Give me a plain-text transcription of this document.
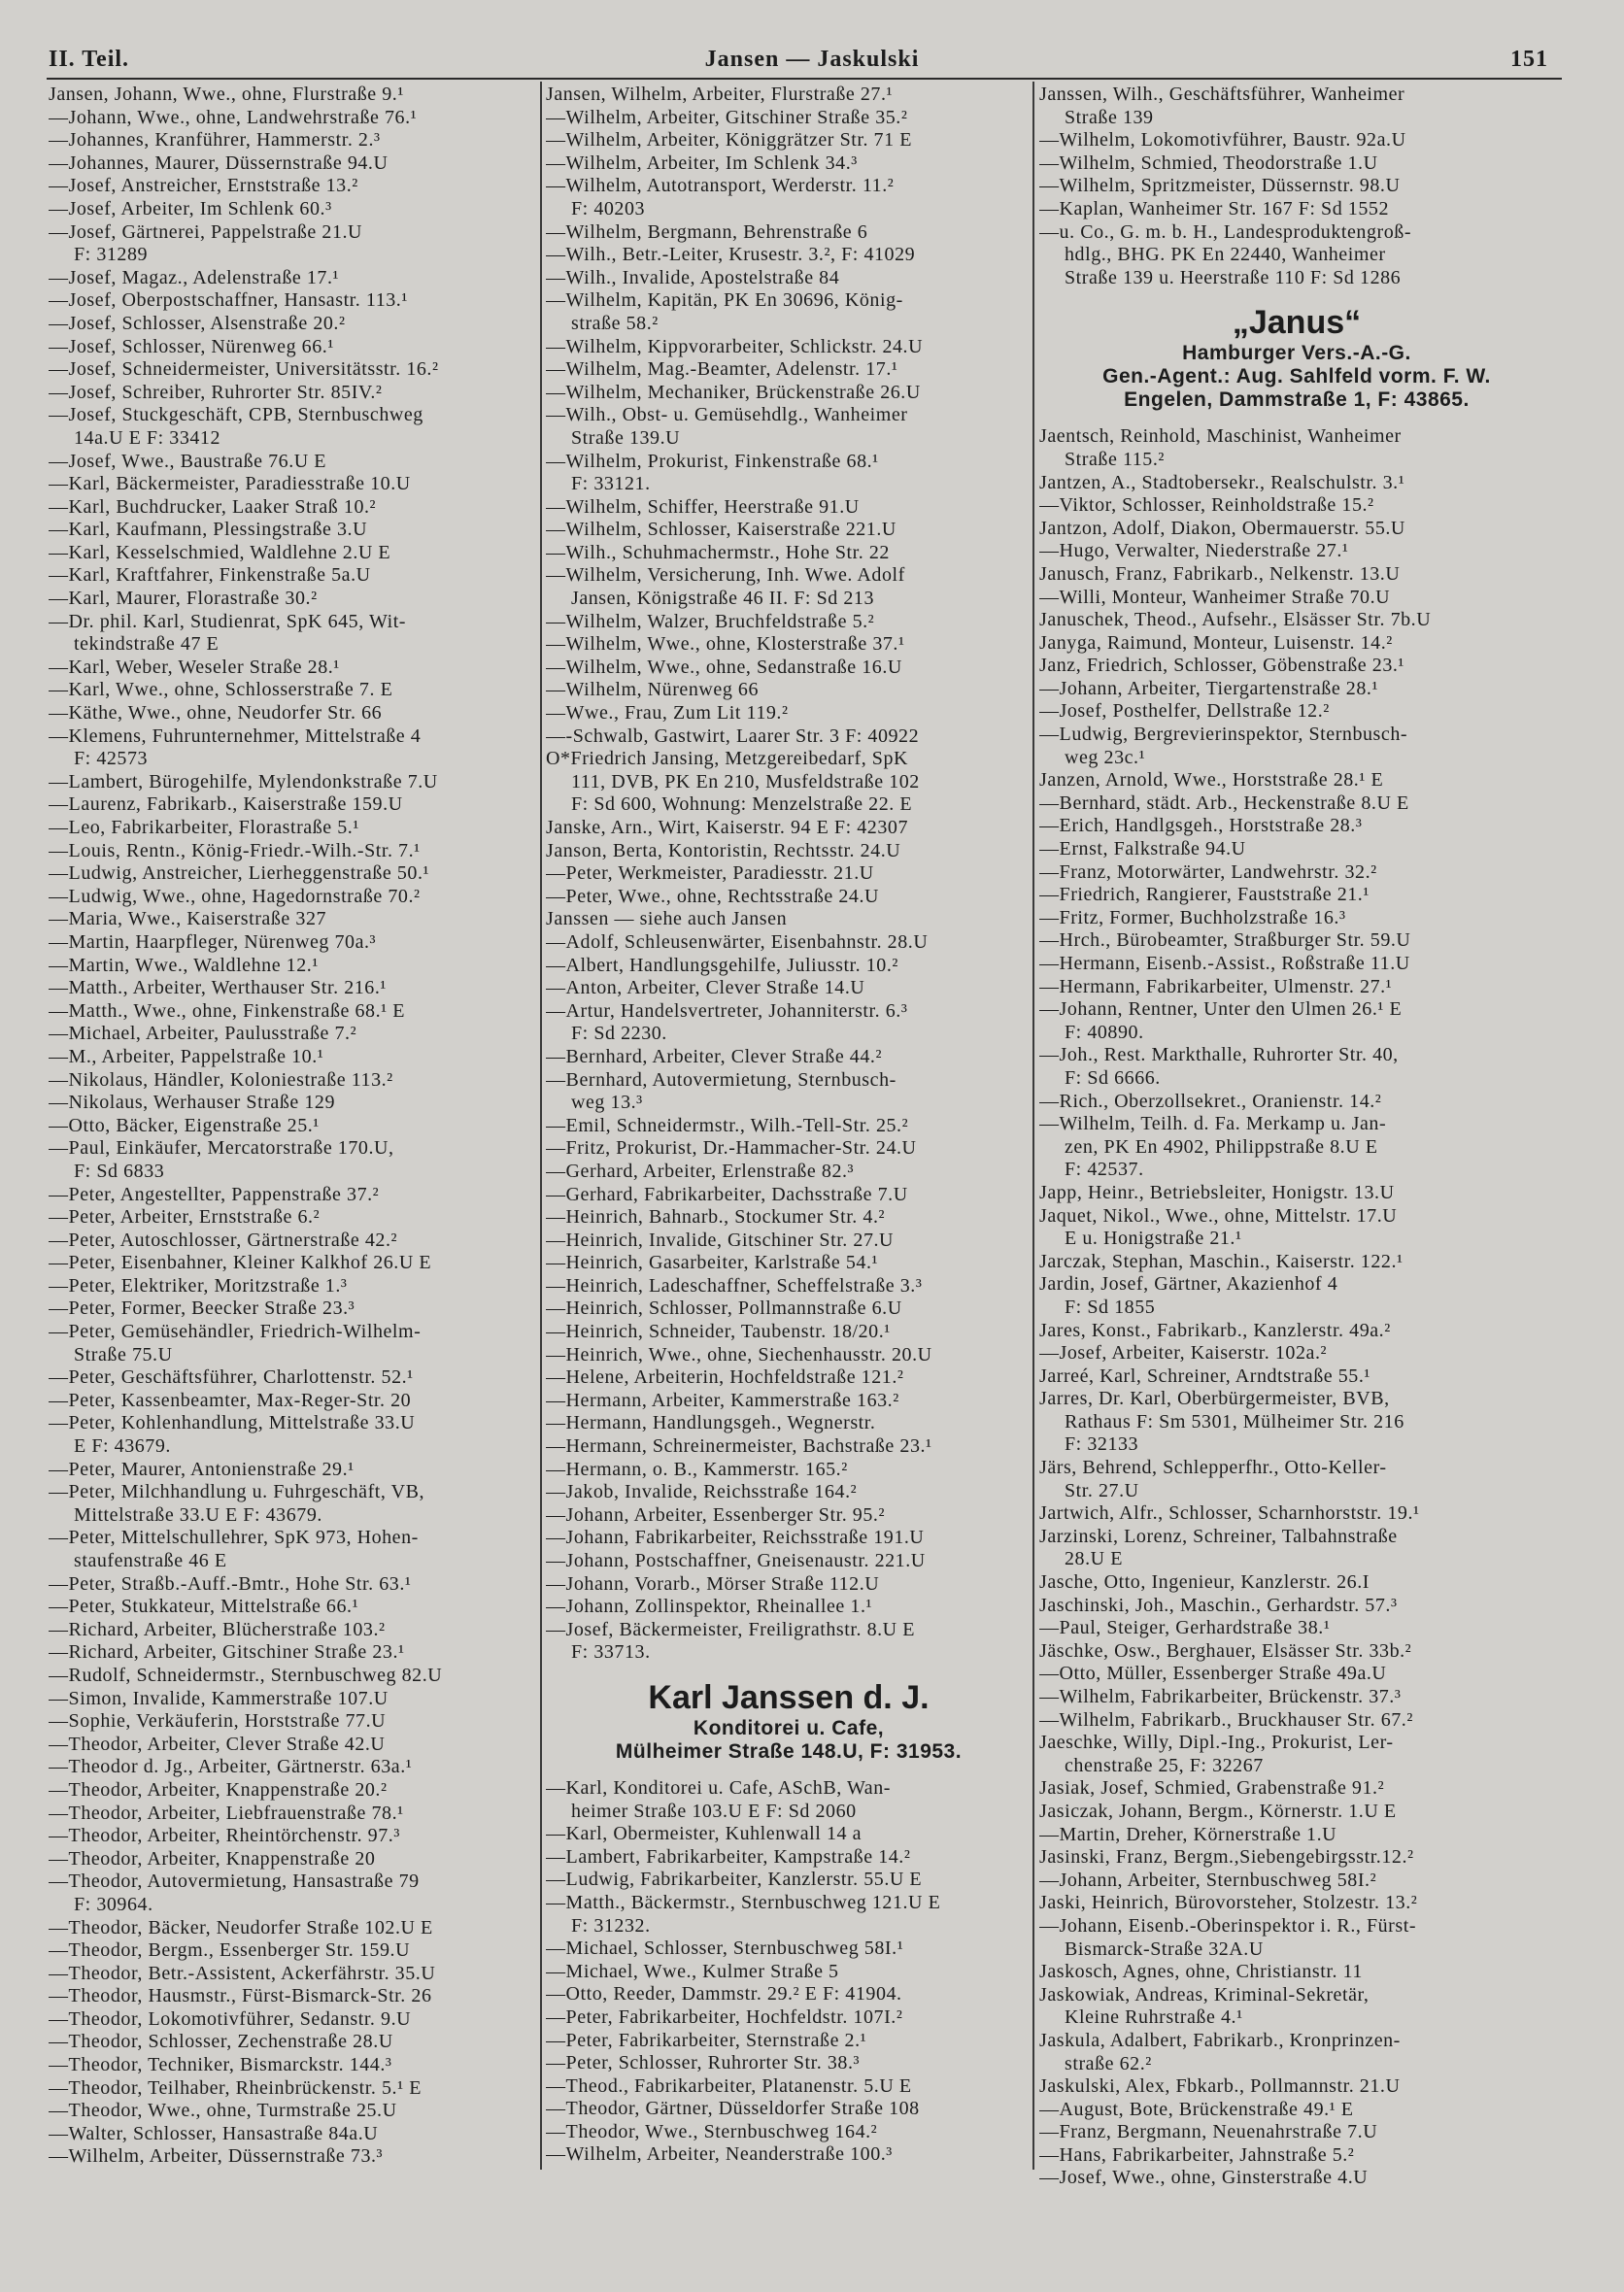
II. Teil.	Jansen — Jaskulski	151
Jansen, Johann, Wwe., ohne, Flurstraße 9.¹
—Johann, Wwe., ohne, Landwehrstraße 76.¹
—Johannes, Kranführer, Hammerstr. 2.³
—Johannes, Maurer, Düssernstraße 94.U
—Josef, Anstreicher, Ernststraße 13.²
—Josef, Arbeiter, Im Schlenk 60.³
—Josef, Gärtnerei, Pappelstraße 21.U
F: 31289
—Josef, Magaz., Adelenstraße 17.¹
—Josef, Oberpostschaffner, Hansastr. 113.¹
—Josef, Schlosser, Alsenstraße 20.²
—Josef, Schlosser, Nürenweg 66.¹
—Josef, Schneidermeister, Universitätsstr. 16.²
—Josef, Schreiber, Ruhrorter Str. 85IV.²
—Josef, Stuckgeschäft, CPB, Sternbuschweg
14a.U E F: 33412
—Josef, Wwe., Baustraße 76.U E
—Karl, Bäckermeister, Paradiesstraße 10.U
—Karl, Buchdrucker, Laaker Straß 10.²
—Karl, Kaufmann, Plessingstraße 3.U
—Karl, Kesselschmied, Waldlehne 2.U E
—Karl, Kraftfahrer, Finkenstraße 5a.U
—Karl, Maurer, Florastraße 30.²
—Dr. phil. Karl, Studienrat, SpK 645, Wit-
tekindstraße 47 E
—Karl, Weber, Weseler Straße 28.¹
—Karl, Wwe., ohne, Schlosserstraße 7. E
—Käthe, Wwe., ohne, Neudorfer Str. 66
—Klemens, Fuhrunternehmer, Mittelstraße 4
F: 42573
—Lambert, Bürogehilfe, Mylendonkstraße 7.U
—Laurenz, Fabrikarb., Kaiserstraße 159.U
—Leo, Fabrikarbeiter, Florastraße 5.¹
—Louis, Rentn., König-Friedr.-Wilh.-Str. 7.¹
—Ludwig, Anstreicher, Lierheggenstraße 50.¹
—Ludwig, Wwe., ohne, Hagedornstraße 70.²
—Maria, Wwe., Kaiserstraße 327
—Martin, Haarpfleger, Nürenweg 70a.³
—Martin, Wwe., Waldlehne 12.¹
—Matth., Arbeiter, Werthauser Str. 216.¹
—Matth., Wwe., ohne, Finkenstraße 68.¹ E
—Michael, Arbeiter, Paulusstraße 7.²
—M., Arbeiter, Pappelstraße 10.¹
—Nikolaus, Händler, Koloniestraße 113.²
—Nikolaus, Werhauser Straße 129
—Otto, Bäcker, Eigenstraße 25.¹
—Paul, Einkäufer, Mercatorstraße 170.U,
F: Sd 6833
—Peter, Angestellter, Pappenstraße 37.²
—Peter, Arbeiter, Ernststraße 6.²
—Peter, Autoschlosser, Gärtnerstraße 42.²
—Peter, Eisenbahner, Kleiner Kalkhof 26.U E
—Peter, Elektriker, Moritzstraße 1.³
—Peter, Former, Beecker Straße 23.³
—Peter, Gemüsehändler, Friedrich-Wilhelm-
Straße 75.U
—Peter, Geschäftsführer, Charlottenstr. 52.¹
—Peter, Kassenbeamter, Max-Reger-Str. 20
—Peter, Kohlenhandlung, Mittelstraße 33.U
E F: 43679.
—Peter, Maurer, Antonienstraße 29.¹
—Peter, Milchhandlung u. Fuhrgeschäft, VB,
Mittelstraße 33.U E F: 43679.
—Peter, Mittelschullehrer, SpK 973, Hohen-
staufenstraße 46 E
—Peter, Straßb.-Auff.-Bmtr., Hohe Str. 63.¹
—Peter, Stukkateur, Mittelstraße 66.¹
—Richard, Arbeiter, Blücherstraße 103.²
—Richard, Arbeiter, Gitschiner Straße 23.¹
—Rudolf, Schneidermstr., Sternbuschweg 82.U
—Simon, Invalide, Kammerstraße 107.U
—Sophie, Verkäuferin, Horststraße 77.U
—Theodor, Arbeiter, Clever Straße 42.U
—Theodor d. Jg., Arbeiter, Gärtnerstr. 63a.¹
—Theodor, Arbeiter, Knappenstraße 20.²
—Theodor, Arbeiter, Liebfrauenstraße 78.¹
—Theodor, Arbeiter, Rheintörchenstr. 97.³
—Theodor, Arbeiter, Knappenstraße 20
—Theodor, Autovermietung, Hansastraße 79
F: 30964.
—Theodor, Bäcker, Neudorfer Straße 102.U E
—Theodor, Bergm., Essenberger Str. 159.U
—Theodor, Betr.-Assistent, Ackerfährstr. 35.U
—Theodor, Hausmstr., Fürst-Bismarck-Str. 26
—Theodor, Lokomotivführer, Sedanstr. 9.U
—Theodor, Schlosser, Zechenstraße 28.U
—Theodor, Techniker, Bismarckstr. 144.³
—Theodor, Teilhaber, Rheinbrückenstr. 5.¹ E
—Theodor, Wwe., ohne, Turmstraße 25.U
—Walter, Schlosser, Hansastraße 84a.U
—Wilhelm, Arbeiter, Düssernstraße 73.³
Jansen, Wilhelm, Arbeiter, Flurstraße 27.¹
—Wilhelm, Arbeiter, Gitschiner Straße 35.²
—Wilhelm, Arbeiter, Königgrätzer Str. 71 E
—Wilhelm, Arbeiter, Im Schlenk 34.³
—Wilhelm, Autotransport, Werderstr. 11.²
F: 40203
—Wilhelm, Bergmann, Behrenstraße 6
—Wilh., Betr.-Leiter, Krusestr. 3.², F: 41029
—Wilh., Invalide, Apostelstraße 84
—Wilhelm, Kapitän, PK En 30696, König-
straße 58.²
—Wilhelm, Kippvorarbeiter, Schlickstr. 24.U
—Wilhelm, Mag.-Beamter, Adelenstr. 17.¹
—Wilhelm, Mechaniker, Brückenstraße 26.U
—Wilh., Obst- u. Gemüsehdlg., Wanheimer
Straße 139.U
—Wilhelm, Prokurist, Finkenstraße 68.¹
F: 33121.
—Wilhelm, Schiffer, Heerstraße 91.U
—Wilhelm, Schlosser, Kaiserstraße 221.U
—Wilh., Schuhmachermstr., Hohe Str. 22
—Wilhelm, Versicherung, Inh. Wwe. Adolf
Jansen, Königstraße 46 II. F: Sd 213
—Wilhelm, Walzer, Bruchfeldstraße 5.²
—Wilhelm, Wwe., ohne, Klosterstraße 37.¹
—Wilhelm, Wwe., ohne, Sedanstraße 16.U
—Wilhelm, Nürenweg 66
—Wwe., Frau, Zum Lit 119.²
—-Schwalb, Gastwirt, Laarer Str. 3 F: 40922
O*Friedrich Jansing, Metzgereibedarf, SpK
111, DVB, PK En 210, Musfeldstraße 102
F: Sd 600, Wohnung: Menzelstraße 22. E
Janske, Arn., Wirt, Kaiserstr. 94 E F: 42307
Janson, Berta, Kontoristin, Rechtsstr. 24.U
—Peter, Werkmeister, Paradiesstr. 21.U
—Peter, Wwe., ohne, Rechtsstraße 24.U
Janssen — siehe auch Jansen
—Adolf, Schleusenwärter, Eisenbahnstr. 28.U
—Albert, Handlungsgehilfe, Juliusstr. 10.²
—Anton, Arbeiter, Clever Straße 14.U
—Artur, Handelsvertreter, Johanniterstr. 6.³
F: Sd 2230.
—Bernhard, Arbeiter, Clever Straße 44.²
—Bernhard, Autovermietung, Sternbusch-
weg 13.³
—Emil, Schneidermstr., Wilh.-Tell-Str. 25.²
—Fritz, Prokurist, Dr.-Hammacher-Str. 24.U
—Gerhard, Arbeiter, Erlenstraße 82.³
—Gerhard, Fabrikarbeiter, Dachsstraße 7.U
—Heinrich, Bahnarb., Stockumer Str. 4.²
—Heinrich, Invalide, Gitschiner Str. 27.U
—Heinrich, Gasarbeiter, Karlstraße 54.¹
—Heinrich, Ladeschaffner, Scheffelstraße 3.³
—Heinrich, Schlosser, Pollmannstraße 6.U
—Heinrich, Schneider, Taubenstr. 18/20.¹
—Heinrich, Wwe., ohne, Siechenhausstr. 20.U
—Helene, Arbeiterin, Hochfeldstraße 121.²
—Hermann, Arbeiter, Kammerstraße 163.²
—Hermann, Handlungsgeh., Wegnerstr.
—Hermann, Schreinermeister, Bachstraße 23.¹
—Hermann, o. B., Kammerstr. 165.²
—Jakob, Invalide, Reichsstraße 164.²
—Johann, Arbeiter, Essenberger Str. 95.²
—Johann, Fabrikarbeiter, Reichsstraße 191.U
—Johann, Postschaffner, Gneisenaustr. 221.U
—Johann, Vorarb., Mörser Straße 112.U
—Johann, Zollinspektor, Rheinallee 1.¹
—Josef, Bäckermeister, Freiligrathstr. 8.U E
F: 33713.
Karl Janssen d. J.
Konditorei u. Cafe,
Mülheimer Straße 148.U, F: 31953.
—Karl, Konditorei u. Cafe, ASchB, Wan-
heimer Straße 103.U E F: Sd 2060
—Karl, Obermeister, Kuhlenwall 14 a
—Lambert, Fabrikarbeiter, Kampstraße 14.²
—Ludwig, Fabrikarbeiter, Kanzlerstr. 55.U E
—Matth., Bäckermstr., Sternbuschweg 121.U E
F: 31232.
—Michael, Schlosser, Sternbuschweg 58I.¹
—Michael, Wwe., Kulmer Straße 5
—Otto, Reeder, Dammstr. 29.² E F: 41904.
—Peter, Fabrikarbeiter, Hochfeldstr. 107I.²
—Peter, Fabrikarbeiter, Sternstraße 2.¹
—Peter, Schlosser, Ruhrorter Str. 38.³
—Theod., Fabrikarbeiter, Platanenstr. 5.U E
—Theodor, Gärtner, Düsseldorfer Straße 108
—Theodor, Wwe., Sternbuschweg 164.²
—Wilhelm, Arbeiter, Neanderstraße 100.³
Janssen, Wilh., Geschäftsführer, Wanheimer
Straße 139
—Wilhelm, Lokomotivführer, Baustr. 92a.U
—Wilhelm, Schmied, Theodorstraße 1.U
—Wilhelm, Spritzmeister, Düssernstr. 98.U
—Kaplan, Wanheimer Str. 167 F: Sd 1552
—u. Co., G. m. b. H., Landesproduktengroß-
hdlg., BHG. PK En 22440, Wanheimer
Straße 139 u. Heerstraße 110 F: Sd 1286
„Janus“
Hamburger Vers.-A.-G.
Gen.-Agent.: Aug. Sahlfeld vorm. F. W.
Engelen, Dammstraße 1, F: 43865.
Jaentsch, Reinhold, Maschinist, Wanheimer
Straße 115.²
Jantzen, A., Stadtobersekr., Realschulstr. 3.¹
—Viktor, Schlosser, Reinholdstraße 15.²
Jantzon, Adolf, Diakon, Obermauerstr. 55.U
—Hugo, Verwalter, Niederstraße 27.¹
Janusch, Franz, Fabrikarb., Nelkenstr. 13.U
—Willi, Monteur, Wanheimer Straße 70.U
Januschek, Theod., Aufsehr., Elsässer Str. 7b.U
Janyga, Raimund, Monteur, Luisenstr. 14.²
Janz, Friedrich, Schlosser, Göbenstraße 23.¹
—Johann, Arbeiter, Tiergartenstraße 28.¹
—Josef, Posthelfer, Dellstraße 12.²
—Ludwig, Bergrevierinspektor, Sternbusch-
weg 23c.¹
Janzen, Arnold, Wwe., Horststraße 28.¹ E
—Bernhard, städt. Arb., Heckenstraße 8.U E
—Erich, Handlgsgeh., Horststraße 28.³
—Ernst, Falkstraße 94.U
—Franz, Motorwärter, Landwehrstr. 32.²
—Friedrich, Rangierer, Fauststraße 21.¹
—Fritz, Former, Buchholzstraße 16.³
—Hrch., Bürobeamter, Straßburger Str. 59.U
—Hermann, Eisenb.-Assist., Roßstraße 11.U
—Hermann, Fabrikarbeiter, Ulmenstr. 27.¹
—Johann, Rentner, Unter den Ulmen 26.¹ E
F: 40890.
—Joh., Rest. Markthalle, Ruhrorter Str. 40,
F: Sd 6666.
—Rich., Oberzollsekret., Oranienstr. 14.²
—Wilhelm, Teilh. d. Fa. Merkamp u. Jan-
zen, PK En 4902, Philippstraße 8.U E
F: 42537.
Japp, Heinr., Betriebsleiter, Honigstr. 13.U
Jaquet, Nikol., Wwe., ohne, Mittelstr. 17.U
E u. Honigstraße 21.¹
Jarczak, Stephan, Maschin., Kaiserstr. 122.¹
Jardin, Josef, Gärtner, Akazienhof 4
F: Sd 1855
Jares, Konst., Fabrikarb., Kanzlerstr. 49a.²
—Josef, Arbeiter, Kaiserstr. 102a.²
Jarreé, Karl, Schreiner, Arndtstraße 55.¹
Jarres, Dr. Karl, Oberbürgermeister, BVB,
Rathaus F: Sm 5301, Mülheimer Str. 216
F: 32133
Järs, Behrend, Schlepperfhr., Otto-Keller-
Str. 27.U
Jartwich, Alfr., Schlosser, Scharnhorststr. 19.¹
Jarzinski, Lorenz, Schreiner, Talbahnstraße
28.U E
Jasche, Otto, Ingenieur, Kanzlerstr. 26.I
Jaschinski, Joh., Maschin., Gerhardstr. 57.³
—Paul, Steiger, Gerhardstraße 38.¹
Jäschke, Osw., Berghauer, Elsässer Str. 33b.²
—Otto, Müller, Essenberger Straße 49a.U
—Wilhelm, Fabrikarbeiter, Brückenstr. 37.³
—Wilhelm, Fabrikarb., Bruckhauser Str. 67.²
Jaeschke, Willy, Dipl.-Ing., Prokurist, Ler-
chenstraße 25, F: 32267
Jasiak, Josef, Schmied, Grabenstraße 91.²
Jasiczak, Johann, Bergm., Körnerstr. 1.U E
—Martin, Dreher, Körnerstraße 1.U
Jasinski, Franz, Bergm.,Siebengebirgsstr.12.²
—Johann, Arbeiter, Sternbuschweg 58I.²
Jaski, Heinrich, Bürovorsteher, Stolzestr. 13.²
—Johann, Eisenb.-Oberinspektor i. R., Fürst-
Bismarck-Straße 32A.U
Jaskosch, Agnes, ohne, Christianstr. 11
Jaskowiak, Andreas, Kriminal-Sekretär,
Kleine Ruhrstraße 4.¹
Jaskula, Adalbert, Fabrikarb., Kronprinzen-
straße 62.²
Jaskulski, Alex, Fbkarb., Pollmannstr. 21.U
—August, Bote, Brückenstraße 49.¹ E
—Franz, Bergmann, Neuenahrstraße 7.U
—Hans, Fabrikarbeiter, Jahnstraße 5.²
—Josef, Wwe., ohne, Ginsterstraße 4.U
